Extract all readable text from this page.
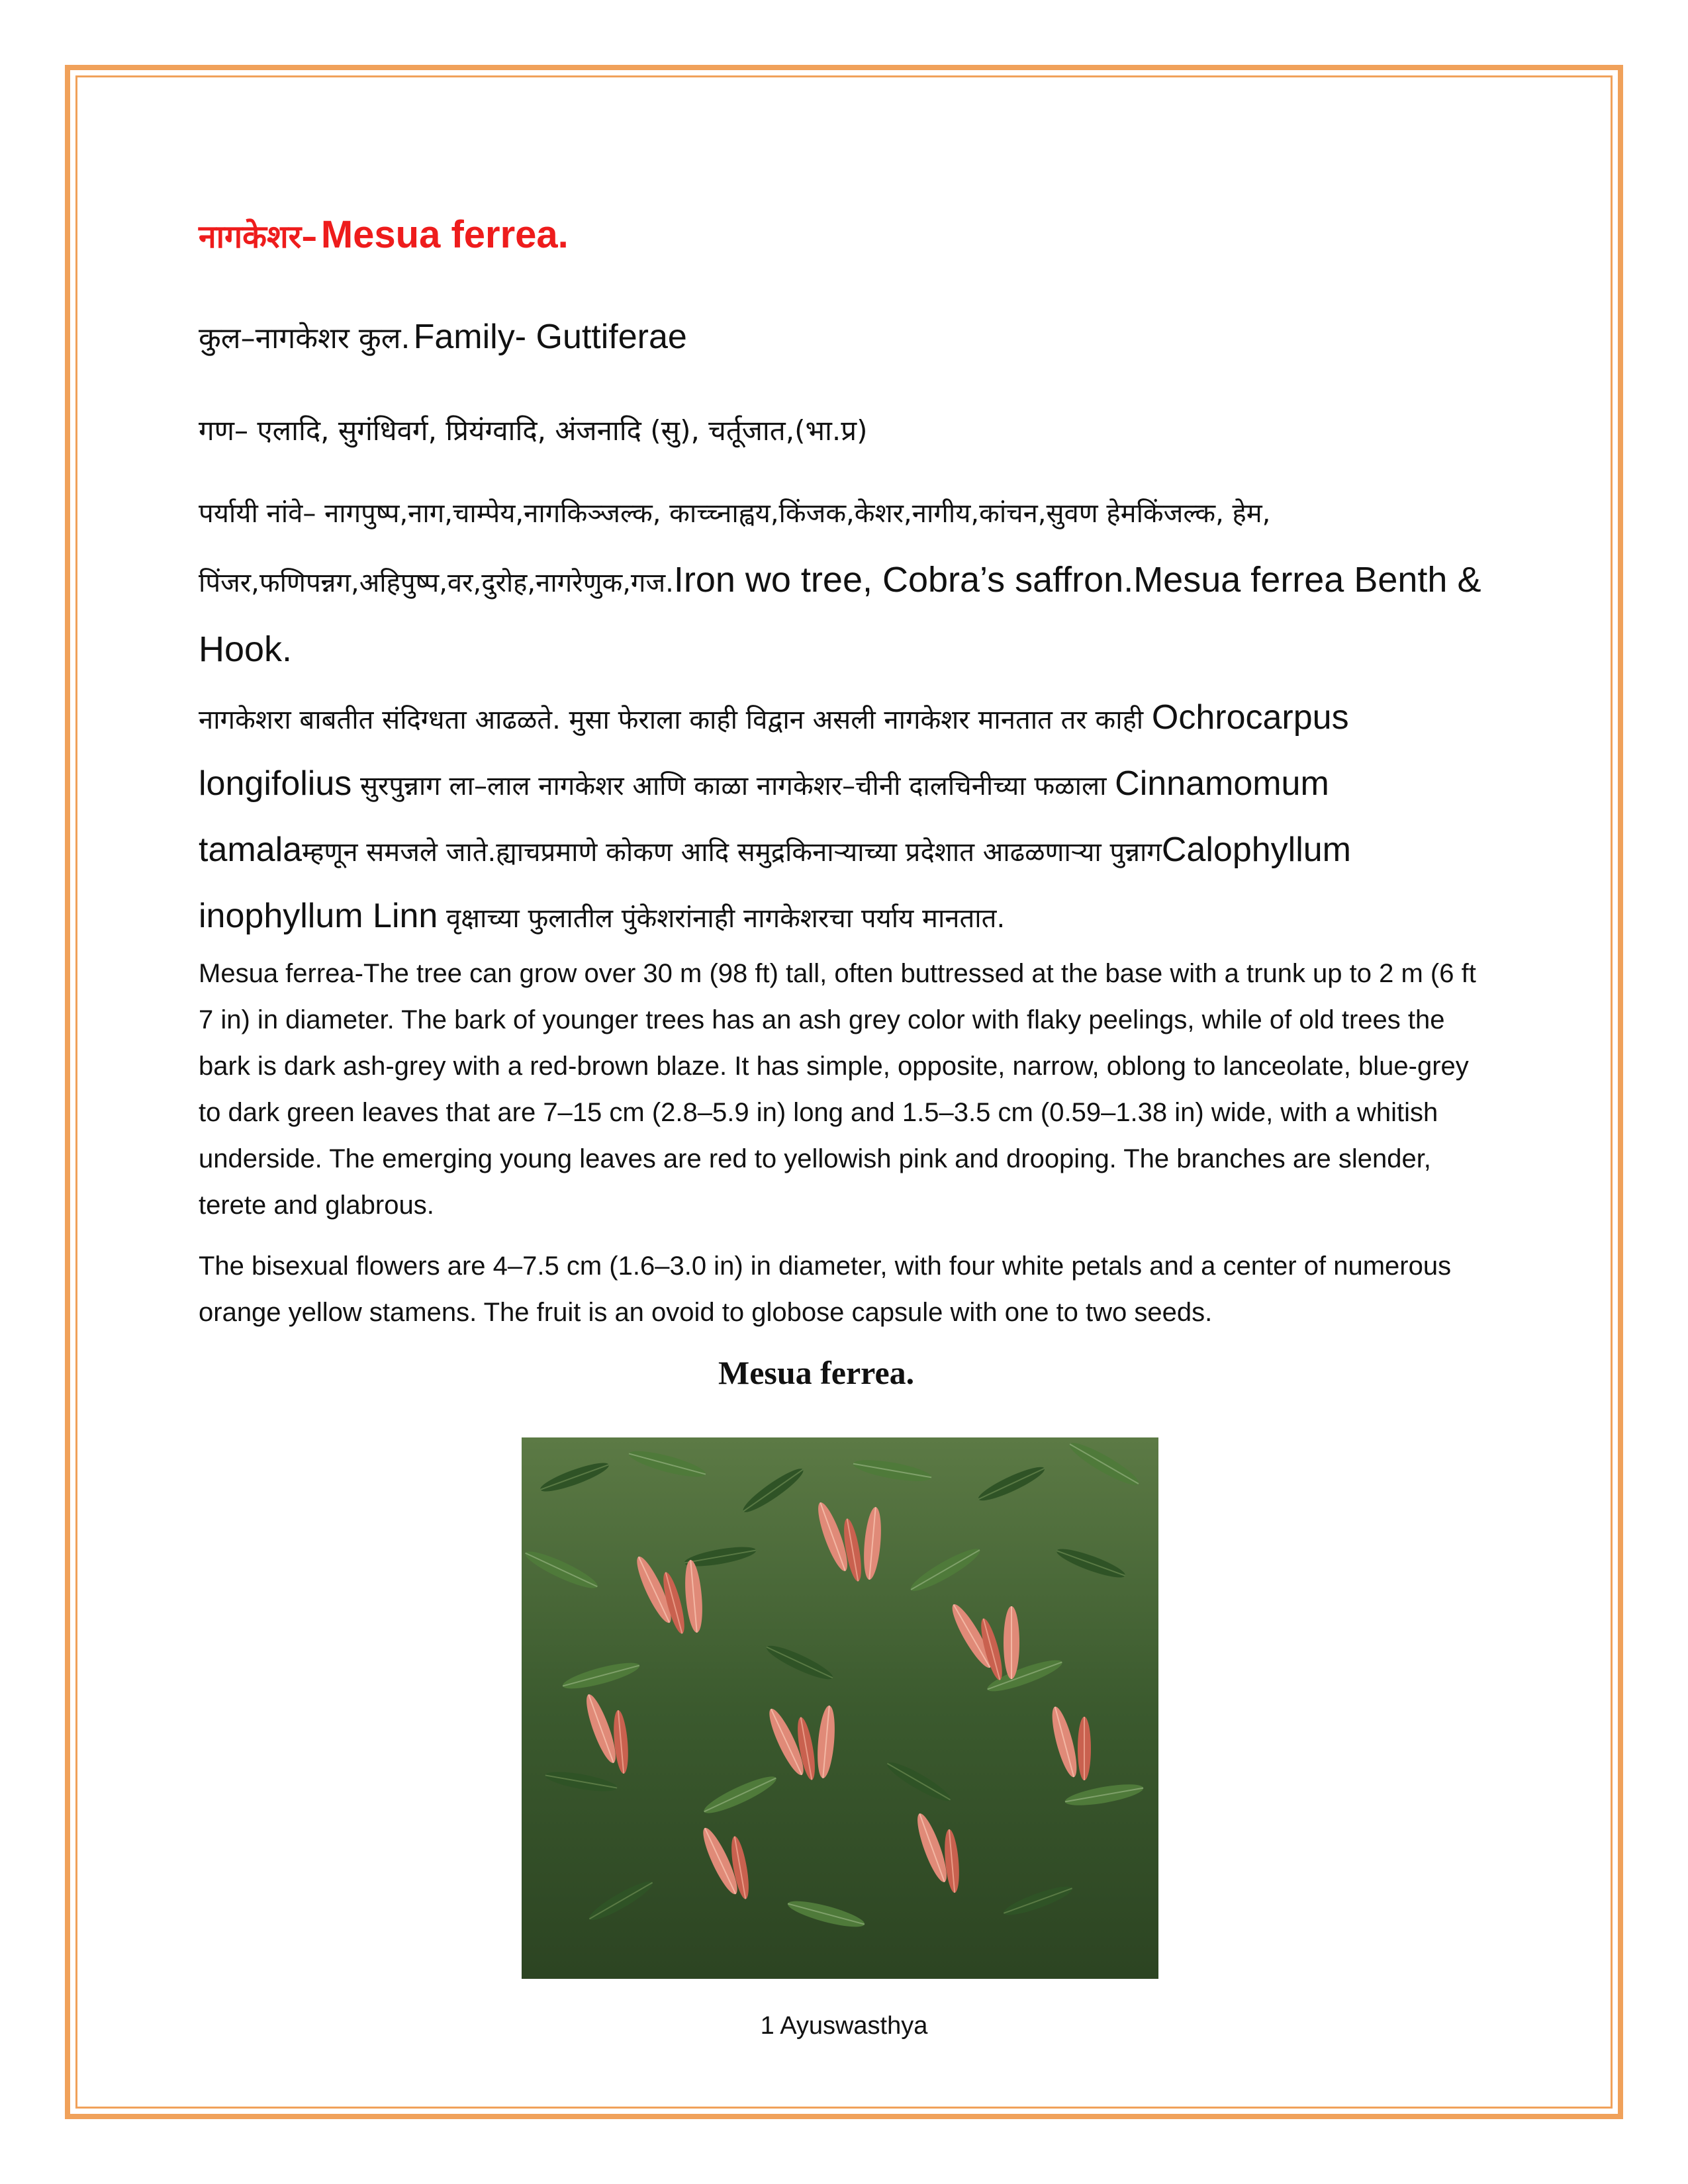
नागकेशर– Mesua ferrea.

कुल–नागकेशर कुल. Family- Guttiferae

गण– एलादि, सुगंधिवर्ग, प्रियंग्वादि, अंजनादि (सु), चर्तूजात,(भा.प्र)

पर्यायी नांवे– नागपुष्प,नाग,चाम्पेय,नागकिञ्जल्क, काच्च्नाह्वय,किंजक,केशर,नागीय,कांचन,सुवण हेमकिंजल्क, हेम, पिंजर,फणिपन्नग,अहिपुष्प,वर,दुरोह,नागरेणुक,गज.Iron wo tree, Cobra’s saffron.Mesua ferrea Benth & Hook.

नागकेशरा बाबतीत संदिग्धता आढळते. मुसा फेराला काही विद्वान असली नागकेशर मानतात तर काही Ochrocarpus longifolius सुरपुन्नाग ला–लाल नागकेशर आणि काळा नागकेशर–चीनी दालचिनीच्या फळाला Cinnamomum tamalaम्हणून समजले जाते.ह्याचप्रमाणे कोकण आदि समुद्रकिनाऱ्याच्या प्रदेशात आढळणाऱ्या पुन्नागCalophyllum inophyllum Linn वृक्षाच्या फुलातील पुंकेशरांनाही नागकेशरचा पर्याय मानतात.

Mesua ferrea-The tree can grow over 30 m (98 ft) tall, often buttressed at the base with a trunk up to 2 m (6 ft 7 in) in diameter. The bark of younger trees has an ash grey color with flaky peelings, while of old trees the bark is dark ash-grey with a red-brown blaze. It has simple, opposite, narrow, oblong to lanceolate, blue-grey to dark green leaves that are 7–15 cm (2.8–5.9 in) long and 1.5–3.5 cm (0.59–1.38 in) wide, with a whitish underside. The emerging young leaves are red to yellowish pink and drooping. The branches are slender, terete and glabrous.

The bisexual flowers are 4–7.5 cm (1.6–3.0 in) in diameter, with four white petals and a center of numerous orange yellow stamens. The fruit is an ovoid to globose capsule with one to two seeds.

Mesua ferrea.
1 Ayuswasthya
